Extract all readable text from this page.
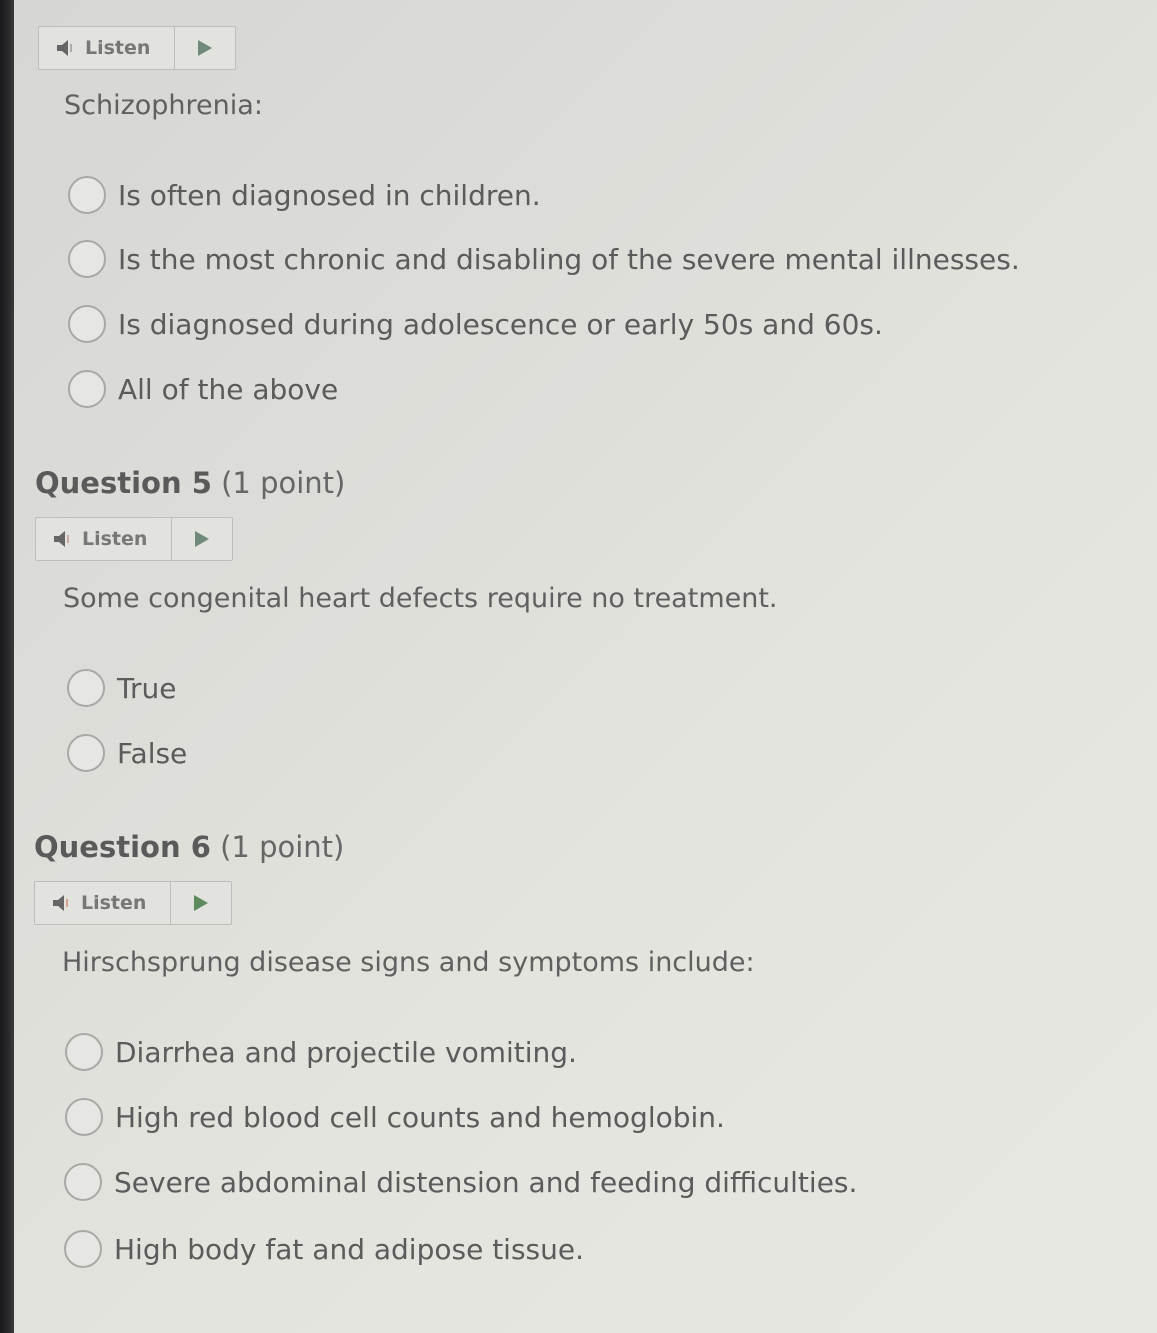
Listen
Schizophrenia:
Is often diagnosed in children.
Is the most chronic and disabling of the severe mental illnesses.
Is diagnosed during adolescence or early 50s and 60s.
All of the above
Question 5 (1 point)
Listen
Some congenital heart defects require no treatment.
True
False
Question 6 (1 point)
Listen
Hirschsprung disease signs and symptoms include:
Diarrhea and projectile vomiting.
High red blood cell counts and hemoglobin.
Severe abdominal distension and feeding difficulties.
High body fat and adipose tissue.
